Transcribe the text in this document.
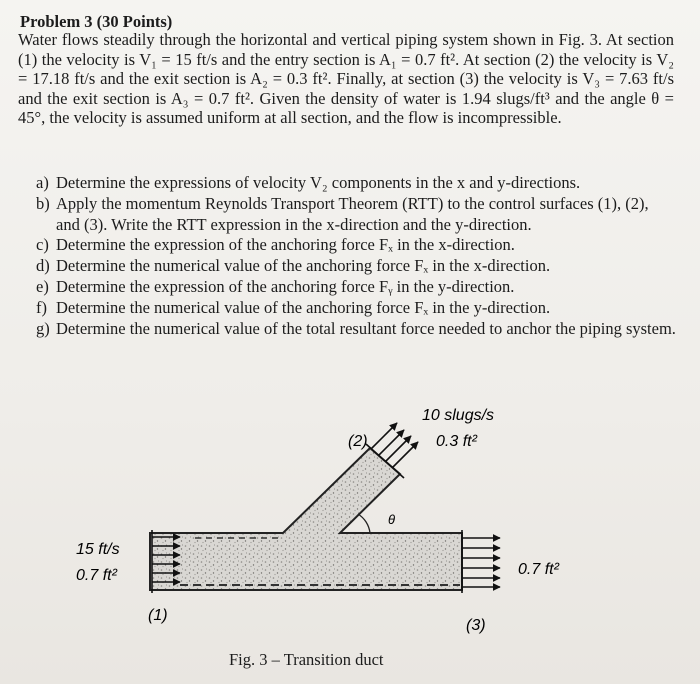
Problem 3 (30 Points)

Water flows steadily through the horizontal and vertical piping system shown in Fig. 3. At section (1) the velocity is V₁ = 15 ft/s and the entry section is A₁ = 0.7 ft². At section (2) the velocity is V₂ = 17.18 ft/s and the exit section is A₂ = 0.3 ft². Finally, at section (3) the velocity is V₃ = 7.63 ft/s and the exit section is A₃ = 0.7 ft². Given the density of water is 1.94 slugs/ft³ and the angle θ = 45°, the velocity is assumed uniform at all section, and the flow is incompressible.

a) Determine the expressions of velocity V₂ components in the x and y-directions.
b) Apply the momentum Reynolds Transport Theorem (RTT) to the control surfaces (1), (2), and (3). Write the RTT expression in the x-direction and the y-direction.
c) Determine the expression of the anchoring force Fₓ in the x-direction.
d) Determine the numerical value of the anchoring force Fₓ in the x-direction.
e) Determine the expression of the anchoring force Fᵧ in the y-direction.
f) Determine the numerical value of the anchoring force Fₓ in the y-direction.
g) Determine the numerical value of the total resultant force needed to anchor the piping system.
15 ft/s
0.7 ft²
(1)
(2)
(3)
10 slugs/s
0.3 ft²
0.7 ft²
θ
Fig. 3 – Transition duct
